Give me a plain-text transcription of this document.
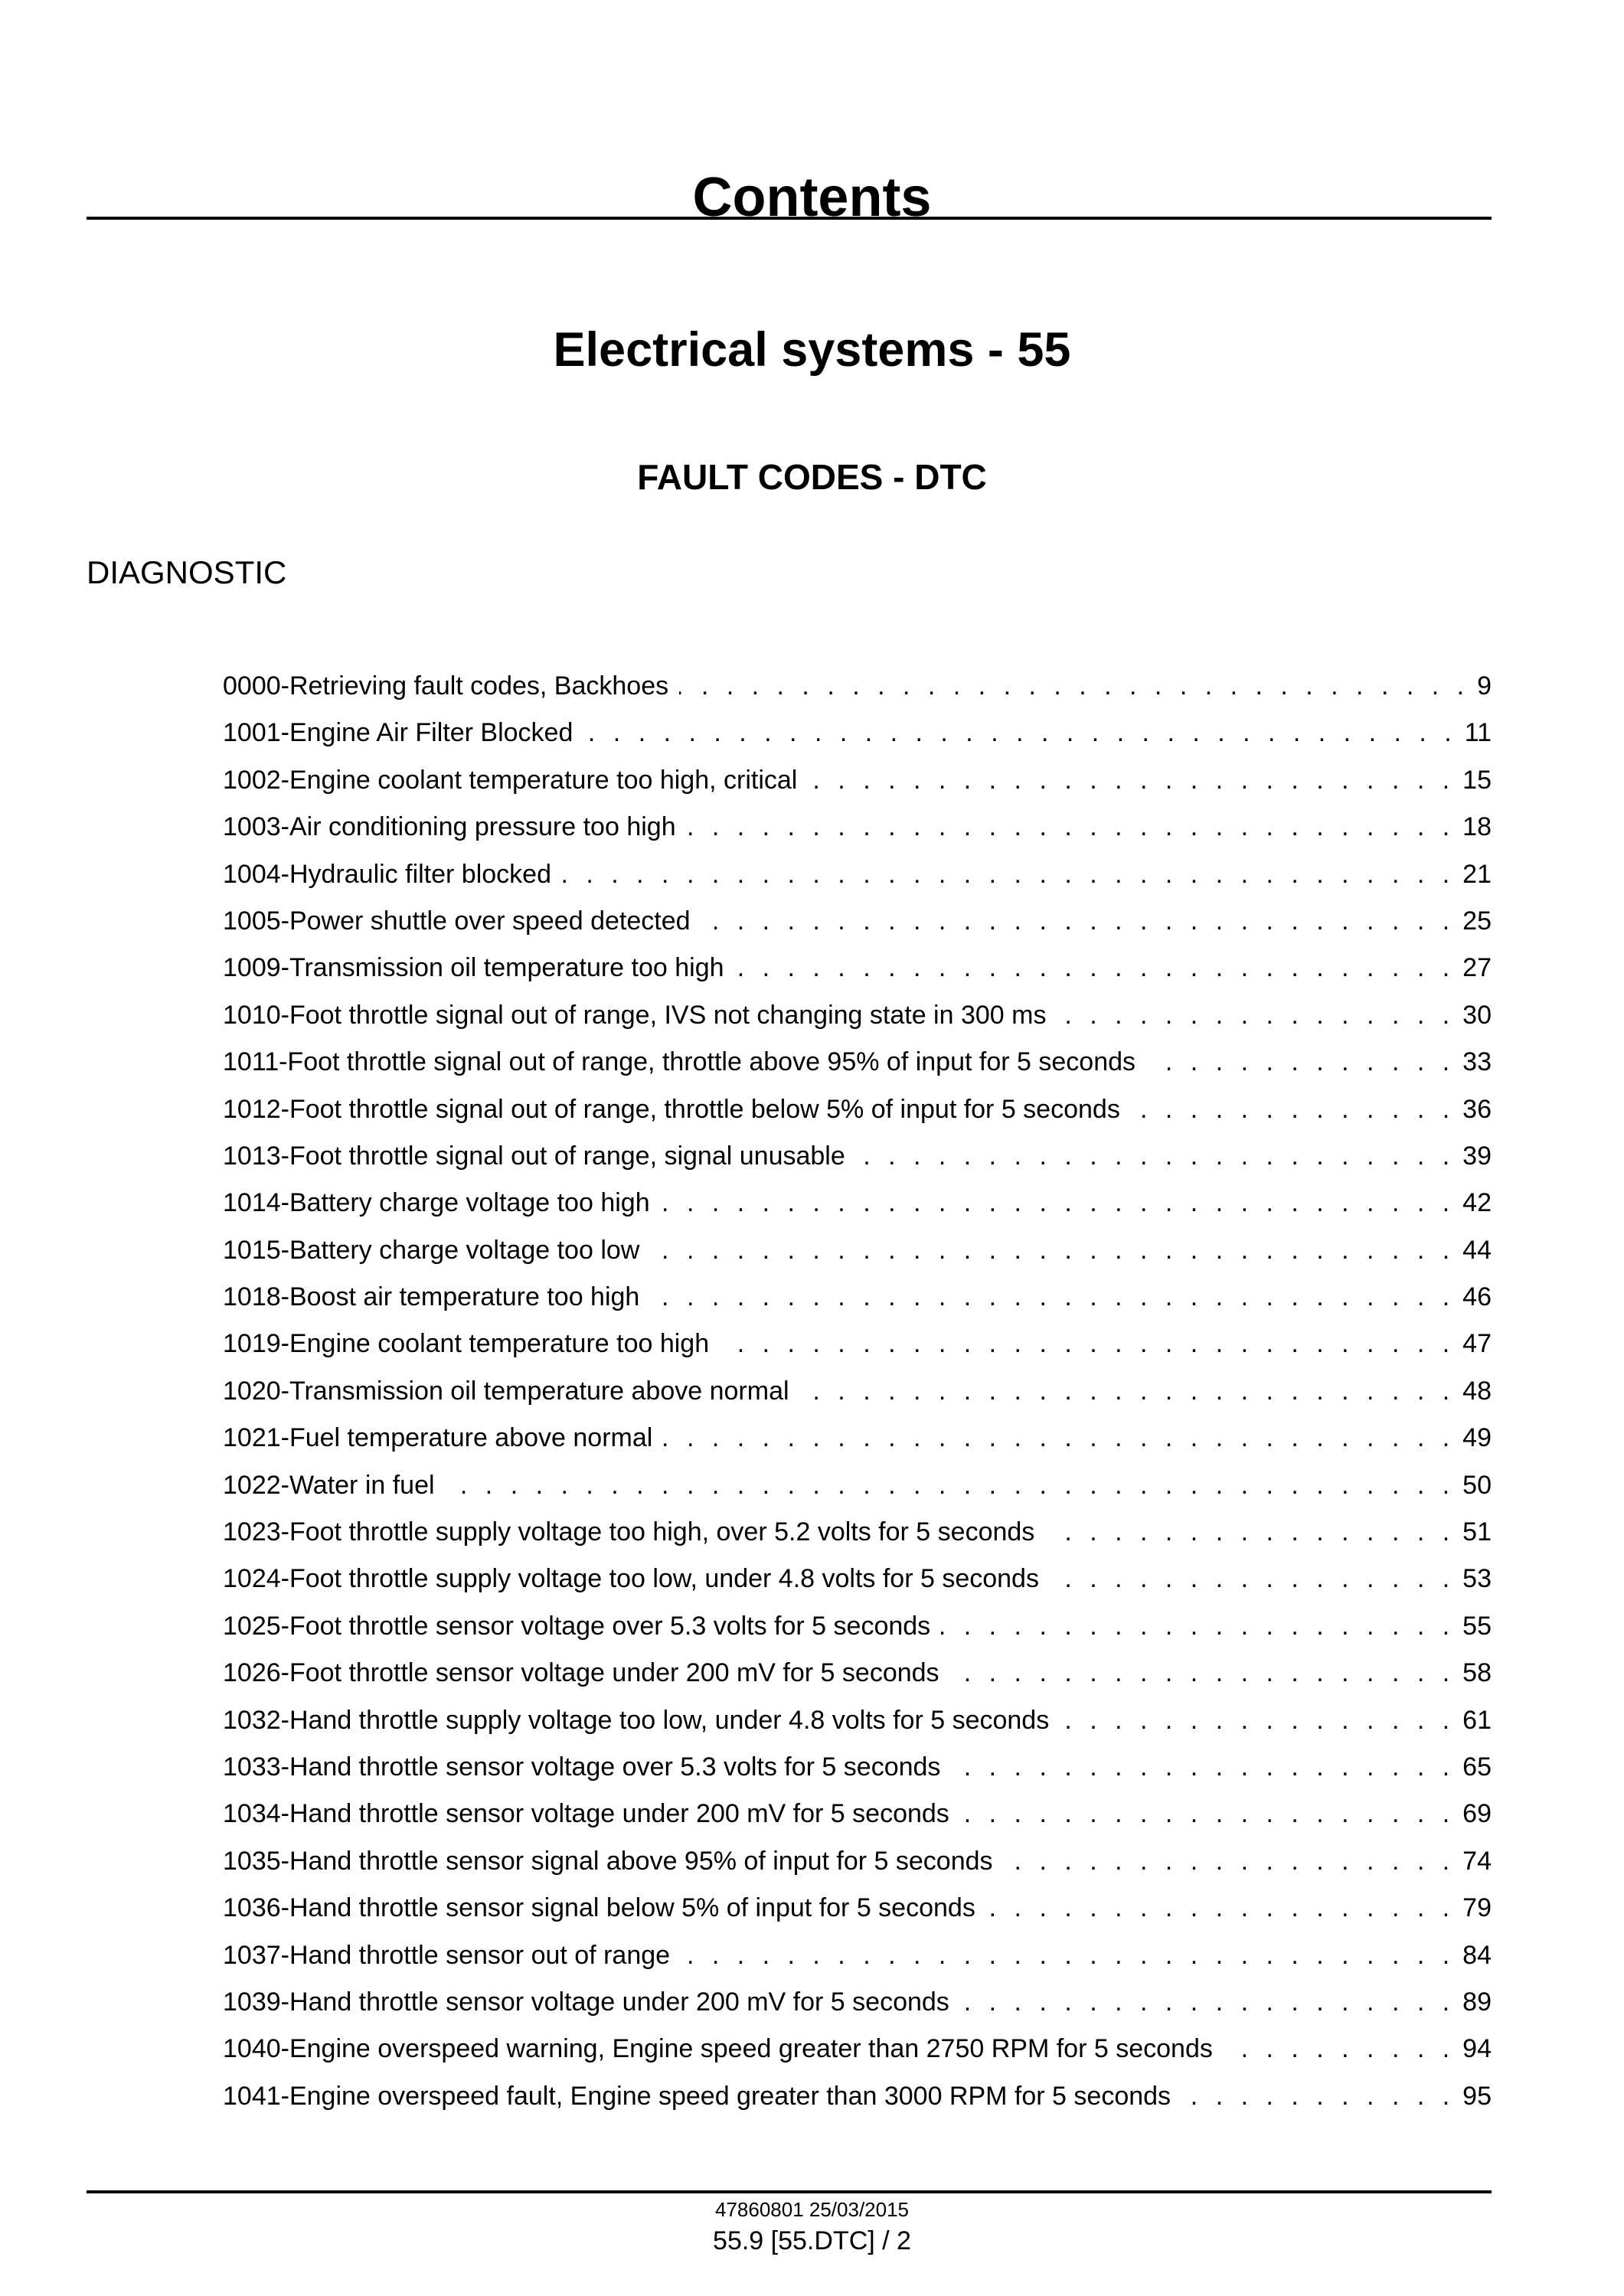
Contents
Electrical systems - 55
FAULT CODES - DTC
DIAGNOSTIC
0000-Retrieving fault codes, Backhoes . . .	9
1001-Engine Air Filter Blocked . . .	11
1002-Engine coolant temperature too high, critical . . .	15
1003-Air conditioning pressure too high . . .	18
1004-Hydraulic filter blocked . . .	21
1005-Power shuttle over speed detected . . .	25
1009-Transmission oil temperature too high . . .	27
1010-Foot throttle signal out of range, IVS not changing state in 300 ms . . .	30
1011-Foot throttle signal out of range, throttle above 95% of input for 5 seconds . . .	33
1012-Foot throttle signal out of range, throttle below 5% of input for 5 seconds . . .	36
1013-Foot throttle signal out of range, signal unusable . . .	39
1014-Battery charge voltage too high . . .	42
1015-Battery charge voltage too low . . .	44
1018-Boost air temperature too high . . .	46
1019-Engine coolant temperature too high . . .	47
1020-Transmission oil temperature above normal . . .	48
1021-Fuel temperature above normal . . .	49
1022-Water in fuel . . .	50
1023-Foot throttle supply voltage too high, over 5.2 volts for 5 seconds . . .	51
1024-Foot throttle supply voltage too low, under 4.8 volts for 5 seconds . . .	53
1025-Foot throttle sensor voltage over 5.3 volts for 5 seconds . . .	55
1026-Foot throttle sensor voltage under 200 mV for 5 seconds . . .	58
1032-Hand throttle supply voltage too low, under 4.8 volts for 5 seconds . . .	61
1033-Hand throttle sensor voltage over 5.3 volts for 5 seconds . . .	65
1034-Hand throttle sensor voltage under 200 mV for 5 seconds . . .	69
1035-Hand throttle sensor signal above 95% of input for 5 seconds . . .	74
1036-Hand throttle sensor signal below 5% of input for 5 seconds . . .	79
1037-Hand throttle sensor out of range . . .	84
1039-Hand throttle sensor voltage under 200 mV for 5 seconds . . .	89
1040-Engine overspeed warning, Engine speed greater than 2750 RPM for 5 seconds . . .	94
1041-Engine overspeed fault, Engine speed greater than 3000 RPM for 5 seconds . . .	95
47860801 25/03/2015
55.9 [55.DTC] / 2
